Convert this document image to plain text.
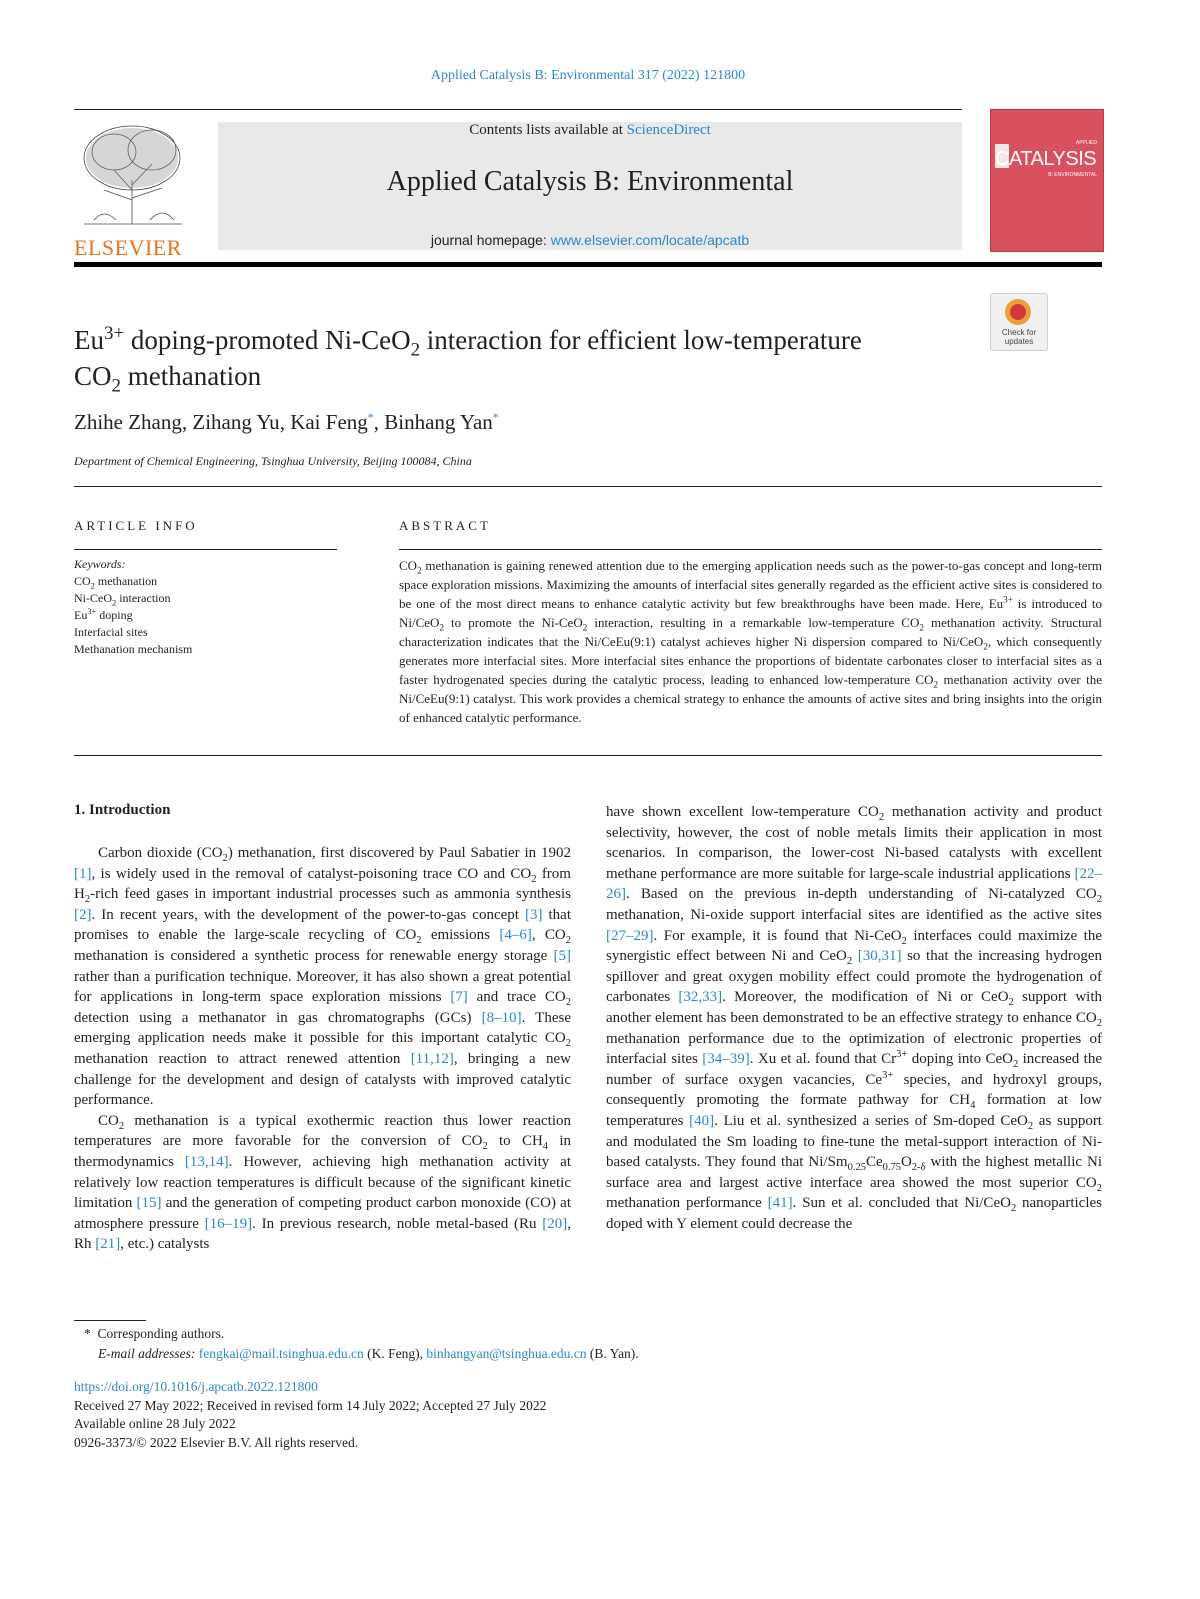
Applied Catalysis B: Environmental 317 (2022) 121800
ELSEVIER
Contents lists available at ScienceDirect
Applied Catalysis B: Environmental
journal homepage: www.elsevier.com/locate/apcatb
APPLIED
CATALYSIS
B: ENVIRONMENTAL
$Eu^{3+}$ doping-promoted Ni-CeO$_2$ interaction for efficient low-temperature
$CO_2$ methanation
Check for updates
Zhihe Zhang, Zihang Yu, Kai Feng*, Binhang Yan*
Department of Chemical Engineering, Tsinghua University, Beijing 100084, China
ARTICLE INFO
Keywords:
$CO_2$ methanation
Ni-CeO$_2$ interaction
$Eu^{3+}$ doping
Interfacial sites
Methanation mechanism
ABSTRACT
$CO_2$ methanation is gaining renewed attention due to the emerging application needs such as the power-to-gas concept and long-term space exploration missions. Maximizing the amounts of interfacial sites generally regarded as the efficient active sites is considered to be one of the most direct means to enhance catalytic activity but few breakthroughs have been made. Here, $Eu^{3+}$ is introduced to Ni/CeO$_2$ to promote the Ni-CeO$_2$ interaction, resulting in a remarkable low-temperature $CO_2$ methanation activity. Structural characterization indicates that the Ni/CeEu(9:1) catalyst achieves higher Ni dispersion compared to Ni/CeO$_2$, which consequently generates more interfacial sites. More interfacial sites enhance the proportions of bidentate carbonates closer to interfacial sites as a faster hydrogenated species during the catalytic process, leading to enhanced low-temperature $CO_2$ methanation activity over the Ni/CeEu(9:1) catalyst. This work provides a chemical strategy to enhance the amounts of active sites and bring insights into the origin of enhanced catalytic performance.
1. Introduction

Carbon dioxide $(CO_2)$ methanation, first discovered by Paul Sabatier in 1902 [1], is widely used in the removal of catalyst-poisoning trace CO and $CO_2$ from $H_2$-rich feed gases in important industrial processes such as ammonia synthesis [2]. In recent years, with the development of the power-to-gas concept [3] that promises to enable the large-scale recycling of $CO_2$ emissions [4–6], $CO_2$ methanation is considered a synthetic process for renewable energy storage [5] rather than a purification technique. Moreover, it has also shown a great potential for applications in long-term space exploration missions [7] and trace $CO_2$ detection using a methanator in gas chromatographs (GCs) [8–10]. These emerging application needs make it possible for this important catalytic $CO_2$ methanation reaction to attract renewed attention [11,12], bringing a new challenge for the development and design of catalysts with improved catalytic performance.

$CO_2$ methanation is a typical exothermic reaction thus lower reaction temperatures are more favorable for the conversion of $CO_2$ to $CH_4$ in thermodynamics [13,14]. However, achieving high methanation activity at relatively low reaction temperatures is difficult because of the significant kinetic limitation [15] and the generation of competing product carbon monoxide (CO) at atmosphere pressure [16–19]. In previous research, noble metal-based (Ru [20], Rh [21], etc.) catalysts

have shown excellent low-temperature $CO_2$ methanation activity and product selectivity, however, the cost of noble metals limits their application in most scenarios. In comparison, the lower-cost Ni-based catalysts with excellent methane performance are more suitable for large-scale industrial applications [22–26]. Based on the previous in-depth understanding of Ni-catalyzed $CO_2$ methanation, Ni-oxide support interfacial sites are identified as the active sites [27–29]. For example, it is found that Ni-CeO$_2$ interfaces could maximize the synergistic effect between Ni and CeO$_2$ [30,31] so that the increasing hydrogen spillover and great oxygen mobility effect could promote the hydrogenation of carbonates [32,33]. Moreover, the modification of Ni or CeO$_2$ support with another element has been demonstrated to be an effective strategy to enhance $CO_2$ methanation performance due to the optimization of electronic properties of interfacial sites [34–39]. Xu et al. found that $Cr^{3+}$ doping into CeO$_2$ increased the number of surface oxygen vacancies, $Ce^{3+}$ species, and hydroxyl groups, consequently promoting the formate pathway for $CH_4$ formation at low temperatures [40]. Liu et al. synthesized a series of Sm-doped CeO$_2$ as support and modulated the Sm loading to fine-tune the metal-support interaction of Ni-based catalysts. They found that $Ni/Sm_{0.25}Ce_{0.75}O_{2-\delta}$ with the highest metallic Ni surface area and largest active interface area showed the most superior $CO_2$ methanation performance [41]. Sun et al. concluded that Ni/CeO$_2$ nanoparticles doped with Y element could decrease the

*  Corresponding authors.
E-mail addresses: fengkai@mail.tsinghua.edu.cn (K. Feng), binhangyan@tsinghua.edu.cn (B. Yan).
https://doi.org/10.1016/j.apcatb.2022.121800
Received 27 May 2022; Received in revised form 14 July 2022; Accepted 27 July 2022
Available online 28 July 2022
0926-3373/© 2022 Elsevier B.V. All rights reserved.
